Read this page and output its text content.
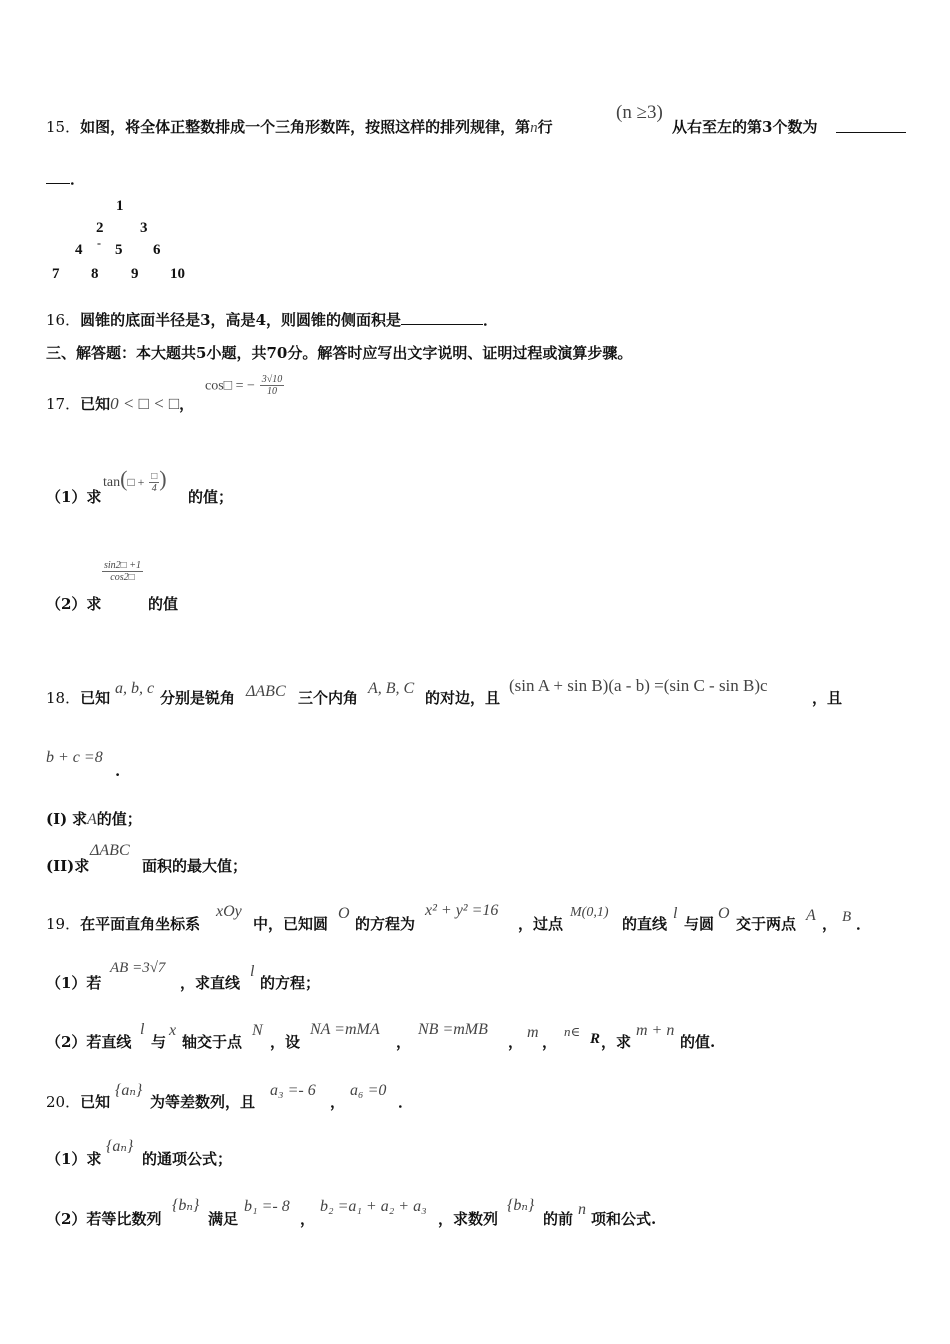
15．如图，将全体正整数排成一个三角形数阵，按照这样的排列规律，第n行
(n ≥3)
从右至左的第3个数为
．
1
2 3
4 - 5 6
7 8 9 10
16．圆锥的底面半径是3，高是4，则圆锥的侧面积是	．
三、解答题：本大题共5小题，共70分。解答时应写出文字说明、证明过程或演算步骤。
17．已知0 < □ < □，
cos□ = − $\frac{3√10}{10}$
（1）求
tan(□ + $\frac{□}{4}$ )
的值；
（2）求
$\frac{\sin 2□ +1}{\cos 2□}$
的值
18．已知
a, b, c
分别是锐角 ΔABC 三个内角
A, B, C
的对边，且
(sin A + sin B)(a - b) =(sin C - sin B)c
，且
b + c =8
.
(I) 求A的值；
(II)求
ΔABC
面积的最大值；
19．在平面直角坐标系
xOy
中，已知圆
O
的方程为
x² + y² =16
，过点
M(0,1)
的直线
l
与圆
O
交于两点 A ， B ．
（1）若
AB =3√7
，求直线
l
的方程；
（2）若直线
l
与
x
轴交于点
N
，设
NA =mMA
，
NB =mMB
，
m
，
n∈ R ，求
m + n
的值.
20．已知
{aₙ}
为等差数列，且
a₃ =- 6
，
a₆ =0
．
（1）求
{aₙ}
的通项公式；
（2）若等比数列
{bₙ}
满足
b₁ =- 8
，
b₂ =a₁ + a₂ + a₃
，求数列
{bₙ}
的前
n
项和公式.
